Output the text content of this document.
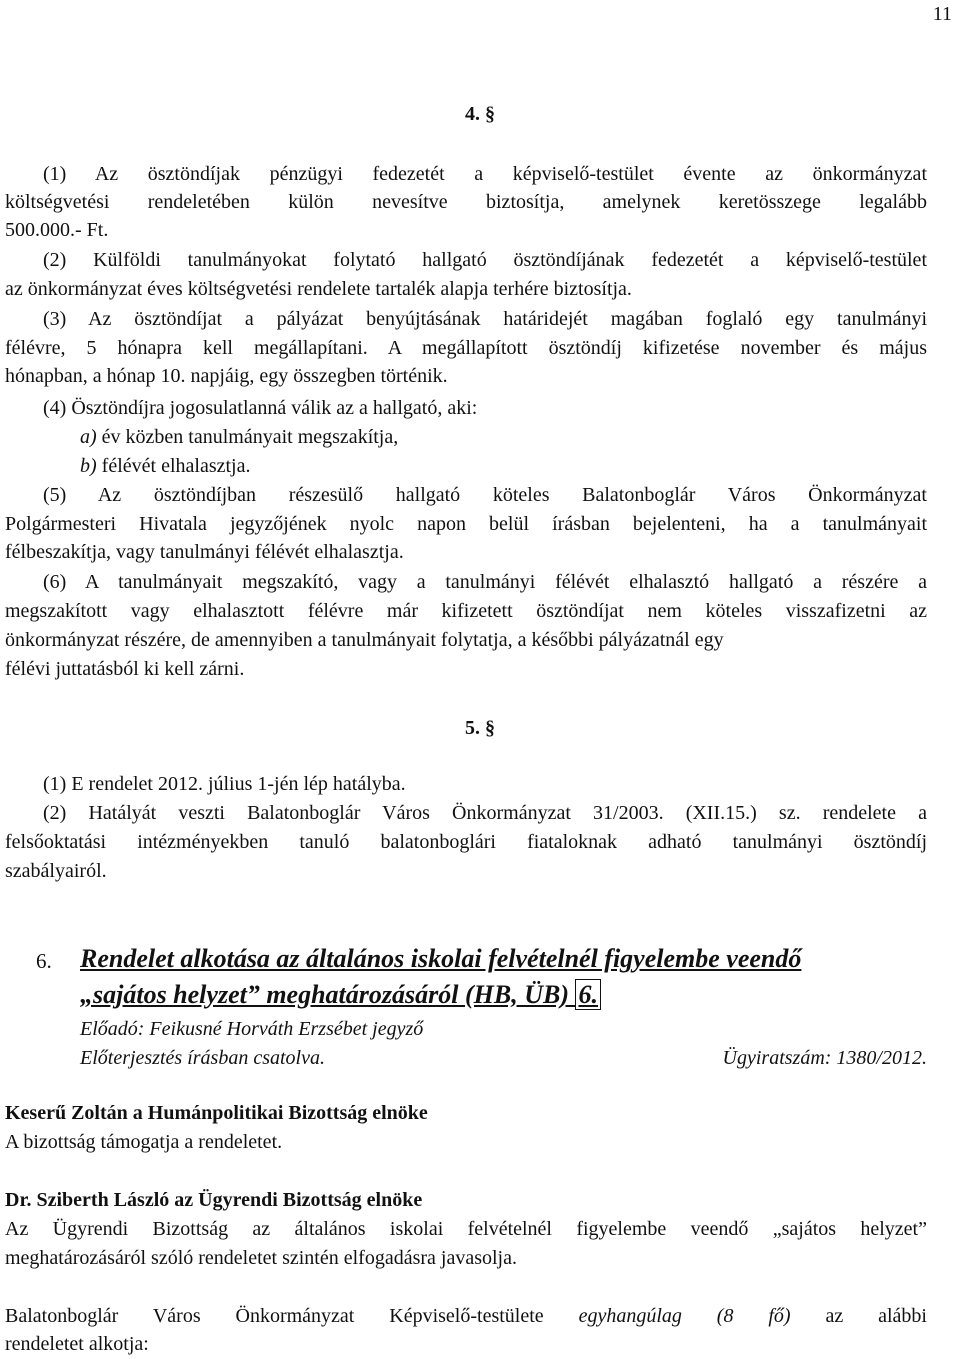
11
4. §
(1) Az ösztöndíjak pénzügyi fedezetét a képviselő-testület évente az önkormányzat
költségvetési rendeletében külön nevesítve biztosítja, amelynek keretösszege legalább
500.000.- Ft.
(2) Külföldi tanulmányokat folytató hallgató ösztöndíjának fedezetét a képviselő-testület
az önkormányzat éves költségvetési rendelete tartalék alapja terhére biztosítja.
(3) Az ösztöndíjat a pályázat benyújtásának határidejét magában foglaló egy tanulmányi
félévre, 5 hónapra kell megállapítani. A megállapított ösztöndíj kifizetése november és május
hónapban, a hónap 10. napjáig, egy összegben történik.
(4) Ösztöndíjra jogosulatlanná válik az a hallgató, aki:
a) év közben tanulmányait megszakítja,
b) félévét elhalasztja.
(5) Az ösztöndíjban részesülő hallgató köteles Balatonboglár Város Önkormányzat
Polgármesteri Hivatala jegyzőjének nyolc napon belül írásban bejelenteni, ha a tanulmányait
félbeszakítja, vagy tanulmányi félévét elhalasztja.
(6) A tanulmányait megszakító, vagy a tanulmányi félévét elhalasztó hallgató a részére a
megszakított vagy elhalasztott félévre már kifizetett ösztöndíjat nem köteles visszafizetni az
önkormányzat részére, de amennyiben a tanulmányait folytatja, a későbbi pályázatnál egy
félévi juttatásból ki kell zárni.
5. §
(1) E rendelet 2012. július 1-jén lép hatályba.
(2) Hatályát veszti Balatonboglár Város Önkormányzat 31/2003. (XII.15.) sz. rendelete a
felsőoktatási intézményekben tanuló balatonboglári fiataloknak adható tanulmányi ösztöndíj
szabályairól.
6. Rendelet alkotása az általános iskolai felvételnél figyelembe veendő
„sajátos helyzet” meghatározásáról (HB, ÜB) 6.
Előadó: Feikusné Horváth Erzsébet jegyző
Előterjesztés írásban csatolva.	Ügyiratszám: 1380/2012.
Keserű Zoltán a Humánpolitikai Bizottság elnöke
A bizottság támogatja a rendeletet.
Dr. Sziberth László az Ügyrendi Bizottság elnöke
Az Ügyrendi Bizottság az általános iskolai felvételnél figyelembe veendő „sajátos helyzet”
meghatározásáról szóló rendeletet szintén elfogadásra javasolja.
Balatonboglár Város Önkormányzat Képviselő-testülete egyhangúlag (8 fő) az alábbi
rendeletet alkotja:
